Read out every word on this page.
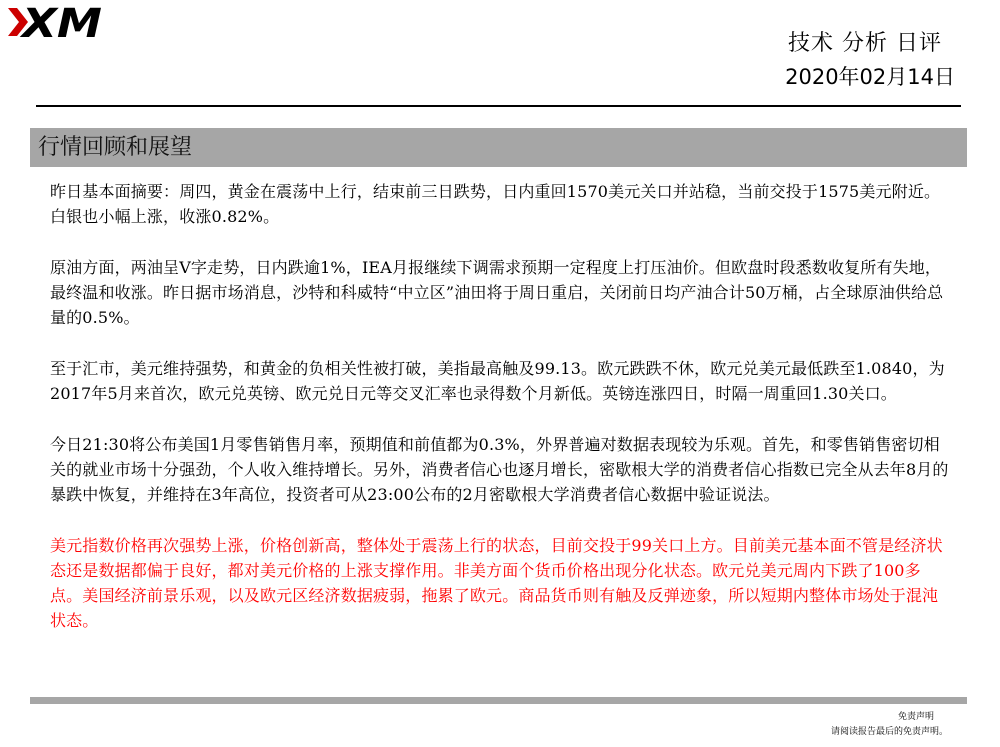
XM	技术 分析 日评
2020年02月14日
行情回顾和展望

昨日基本面摘要：周四，黄金在震荡中上行，结束前三日跌势，日内重回1570美元关口并站稳，当前交投于1575美元附近。白银也小幅上涨，收涨0.82%。

原油方面，两油呈V字走势，日内跌逾1%，IEA月报继续下调需求预期一定程度上打压油价。但欧盘时段悉数收复所有失地，最终温和收涨。昨日据市场消息，沙特和科威特“中立区”油田将于周日重启，关闭前日均产油合计50万桶，占全球原油供给总量的0.5%。

至于汇市，美元维持强势，和黄金的负相关性被打破，美指最高触及99.13。欧元跌跌不休，欧元兑美元最低跌至1.0840，为2017年5月来首次，欧元兑英镑、欧元兑日元等交叉汇率也录得数个月新低。英镑连涨四日，时隔一周重回1.30关口。

今日21:30将公布美国1月零售销售月率，预期值和前值都为0.3%，外界普遍对数据表现较为乐观。首先，和零售销售密切相关的就业市场十分强劲，个人收入维持增长。另外，消费者信心也逐月增长，密歇根大学的消费者信心指数已完全从去年8月的暴跌中恢复，并维持在3年高位，投资者可从23:00公布的2月密歇根大学消费者信心数据中验证说法。

美元指数价格再次强势上涨，价格创新高，整体处于震荡上行的状态，目前交投于99关口上方。目前美元基本面不管是经济状态还是数据都偏于良好，都对美元价格的上涨支撑作用。非美方面个货币价格出现分化状态。欧元兑美元周内下跌了100多点。美国经济前景乐观，以及欧元区经济数据疲弱，拖累了欧元。商品货币则有触及反弹迹象，所以短期内整体市场处于混沌状态。

免责声明
请阅读报告最后的免责声明。
